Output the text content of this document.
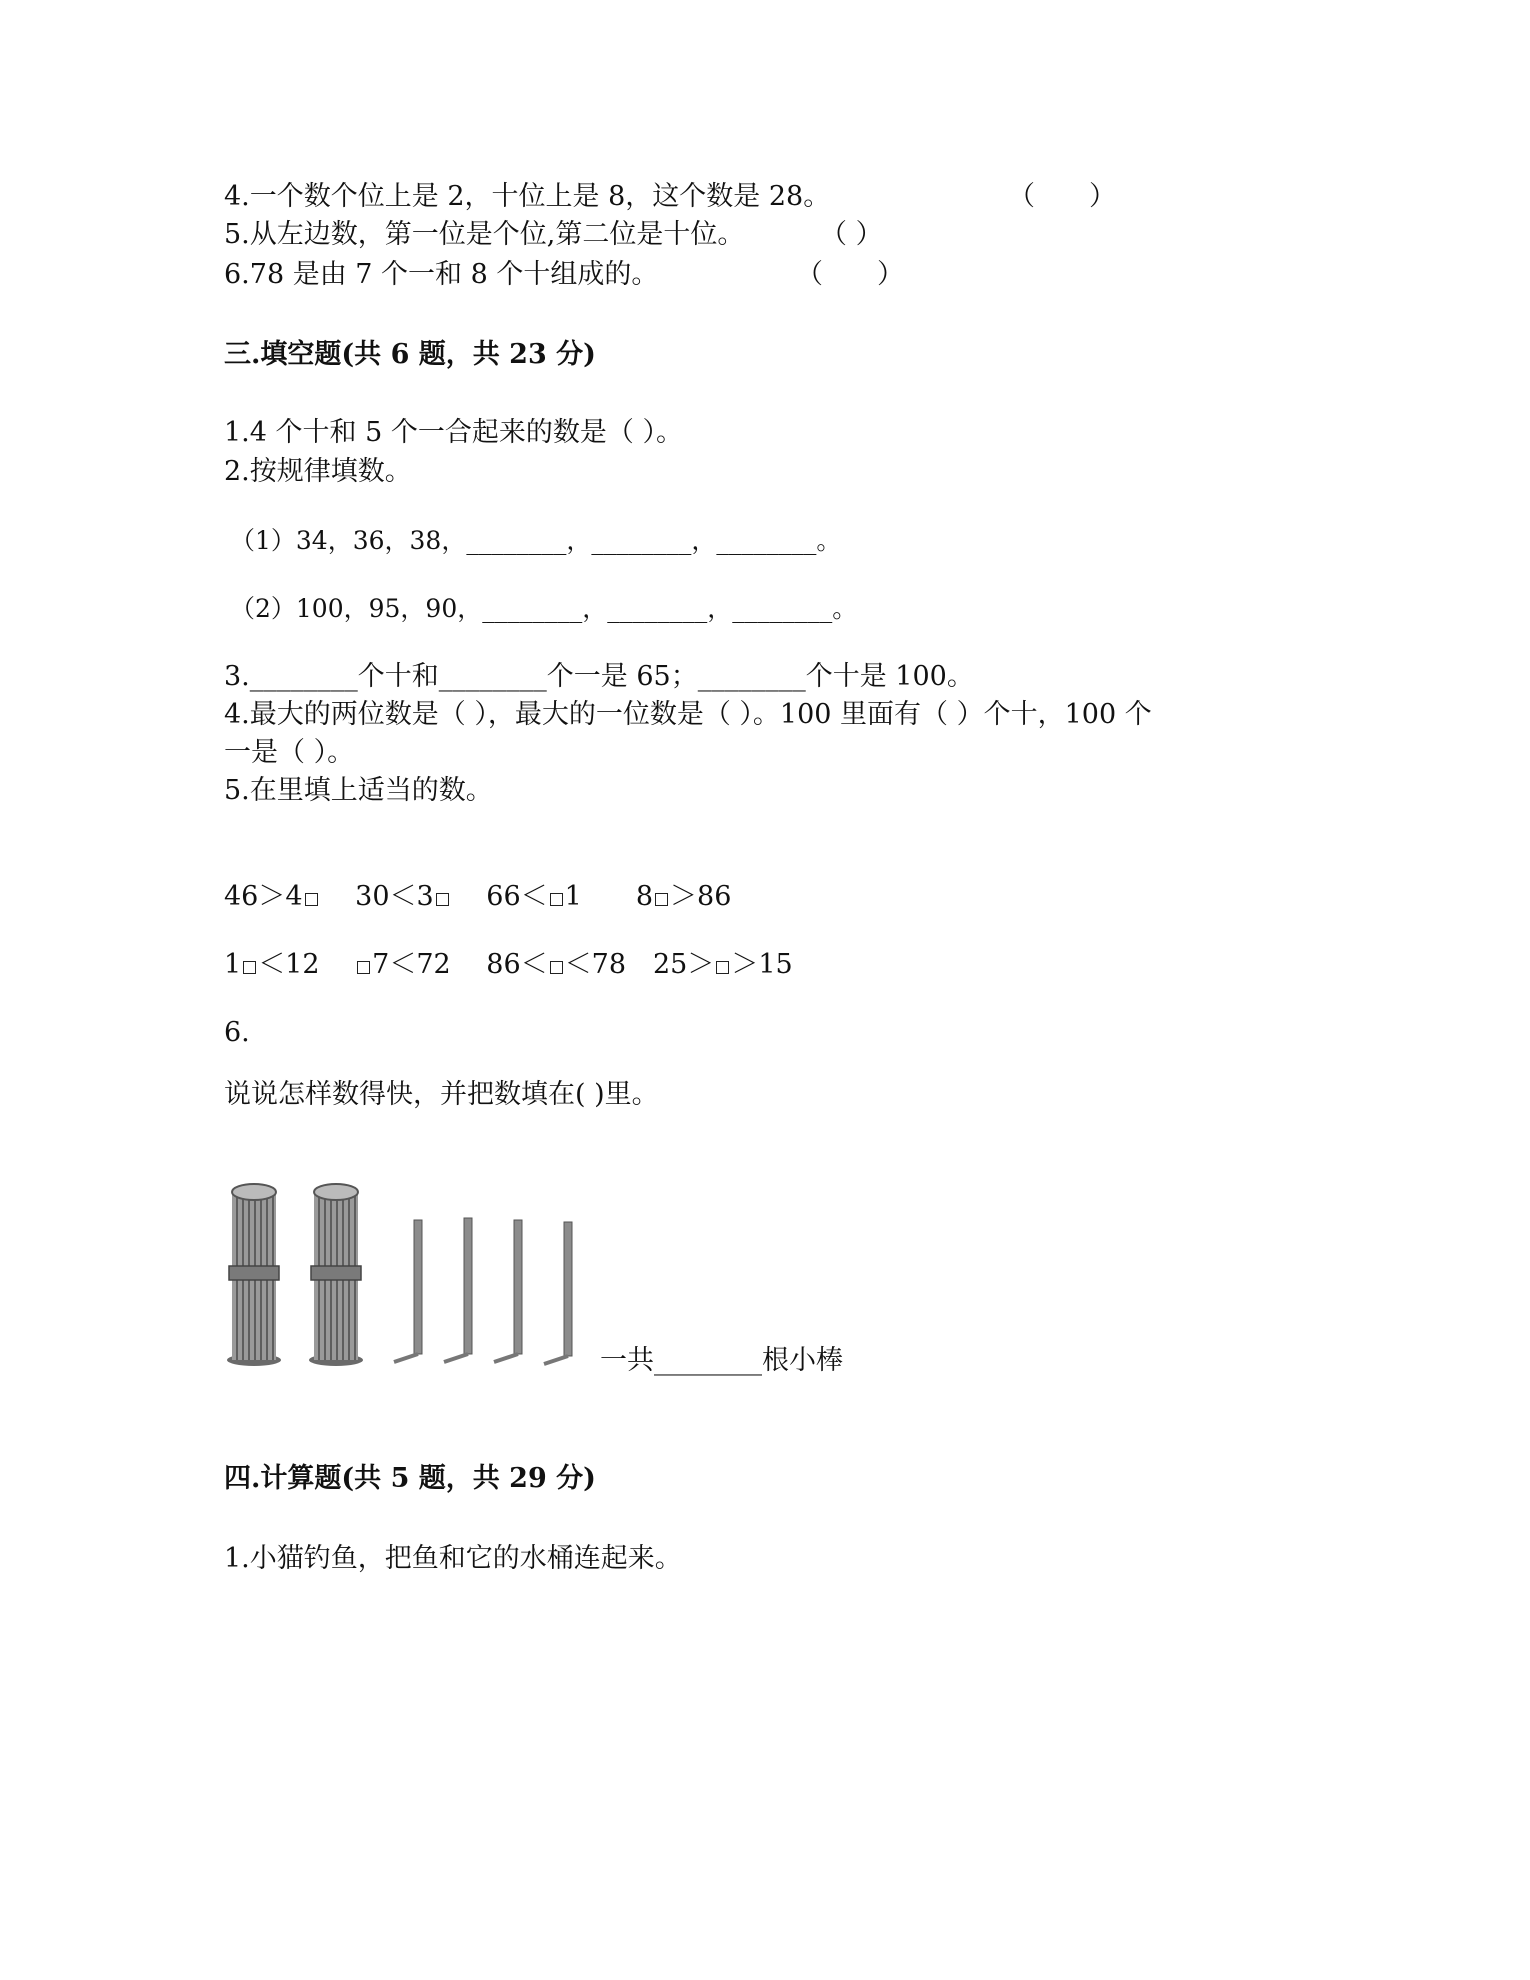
4.一个数个位上是 2，十位上是 8，这个数是 28。	（　　）
5.从左边数，第一位是个位,第二位是十位。	（ ）
6.78 是由 7 个一和 8 个十组成的。	（　　）
三.填空题(共 6 题，共 23 分)
1.4 个十和 5 个一合起来的数是（ ）。
2.按规律填数。
（1）34，36，38，________，________，________。
（2）100，95，90，________，________，________。
3.________个十和________个一是 65；________个十是 100。
4.最大的两位数是（ ），最大的一位数是（ ）。100 里面有（ ）个十，100 个
一是（ ）。
5.在里填上适当的数。
46＞4　 30＜3　 66＜ 1　　 8 ＞86
1 ＜12　 7＜72　 86＜ ＜78　 25＞ ＞15
6.
说说怎样数得快，并把数填在( )里。
一共________根小棒
四.计算题(共 5 题，共 29 分)
1.小猫钓鱼，把鱼和它的水桶连起来。
